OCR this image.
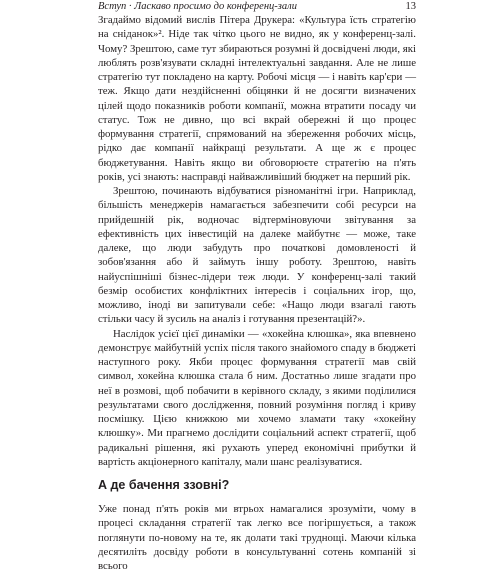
Вступ · Ласкаво просимо до конференц-зали	13

Згадаймо відомий вислів Пітера Друкера: «Культура їсть стратегію на сніданок»². Ніде так чітко цього не видно, як у конференц-залі. Чому? Зрештою, саме тут збираються розумні й досвідчені люди, які люблять розв'язувати складні інтелектуальні завдання. Але не лише стратегію тут покладено на карту. Робочі місця — і навіть кар'єри — теж. Якщо дати нездійсненні обіцянки й не досягти визначених цілей щодо показників роботи компанії, можна втратити посаду чи статус. Тож не дивно, що всі вкрай обережні й що процес формування стратегії, спрямований на збереження робочих місць, рідко дає компанії найкращі результати. А ще ж є процес бюджетування. Навіть якщо ви обговорюєте стратегію на п'ять років, усі знають: насправді найважливіший бюджет на перший рік.

Зрештою, починають відбуватися різноманітні ігри. Наприклад, більшість менеджерів намагається забезпечити собі ресурси на прийдешній рік, водночас відтерміновуючи звітування за ефективність цих інвестицій на далеке майбутнє — може, таке далеке, що люди забудуть про початкові домовленості й зобов'язання або й займуть іншу роботу. Зрештою, навіть найуспішніші бізнес-лідери теж люди. У конференц-залі такий безмір особистих конфліктних інтересів і соціальних ігор, що, можливо, іноді ви запитували себе: «Нащо люди взагалі гають стільки часу й зусиль на аналіз і готування презентацій?».

Наслідок усієї цієї динаміки — «хокейна клюшка», яка впевнено демонструє майбутній успіх після такого знайомого спаду в бюджеті наступного року. Якби процес формування стратегії мав свій символ, хокейна клюшка стала б ним. Достатньо лише згадати про неї в розмові, щоб побачити в керівного складу, з якими поділилися результатами свого дослідження, повний розуміння погляд і криву посмішку. Цією книжкою ми хочемо зламати таку «хокейну клюшку». Ми прагнемо дослідити соціальний аспект стратегії, щоб радикальні рішення, які рухають уперед економічні прибутки й вартість акціонерного капіталу, мали шанс реалізуватися.

А де бачення ззовні?

Уже понад п'ять років ми втрьох намагалися зрозуміти, чому в процесі складання стратегії так легко все погіршується, а також поглянути по-новому на те, як долати такі труднощі. Маючи кілька десятиліть досвіду роботи в консультуванні сотень компаній зі всього
